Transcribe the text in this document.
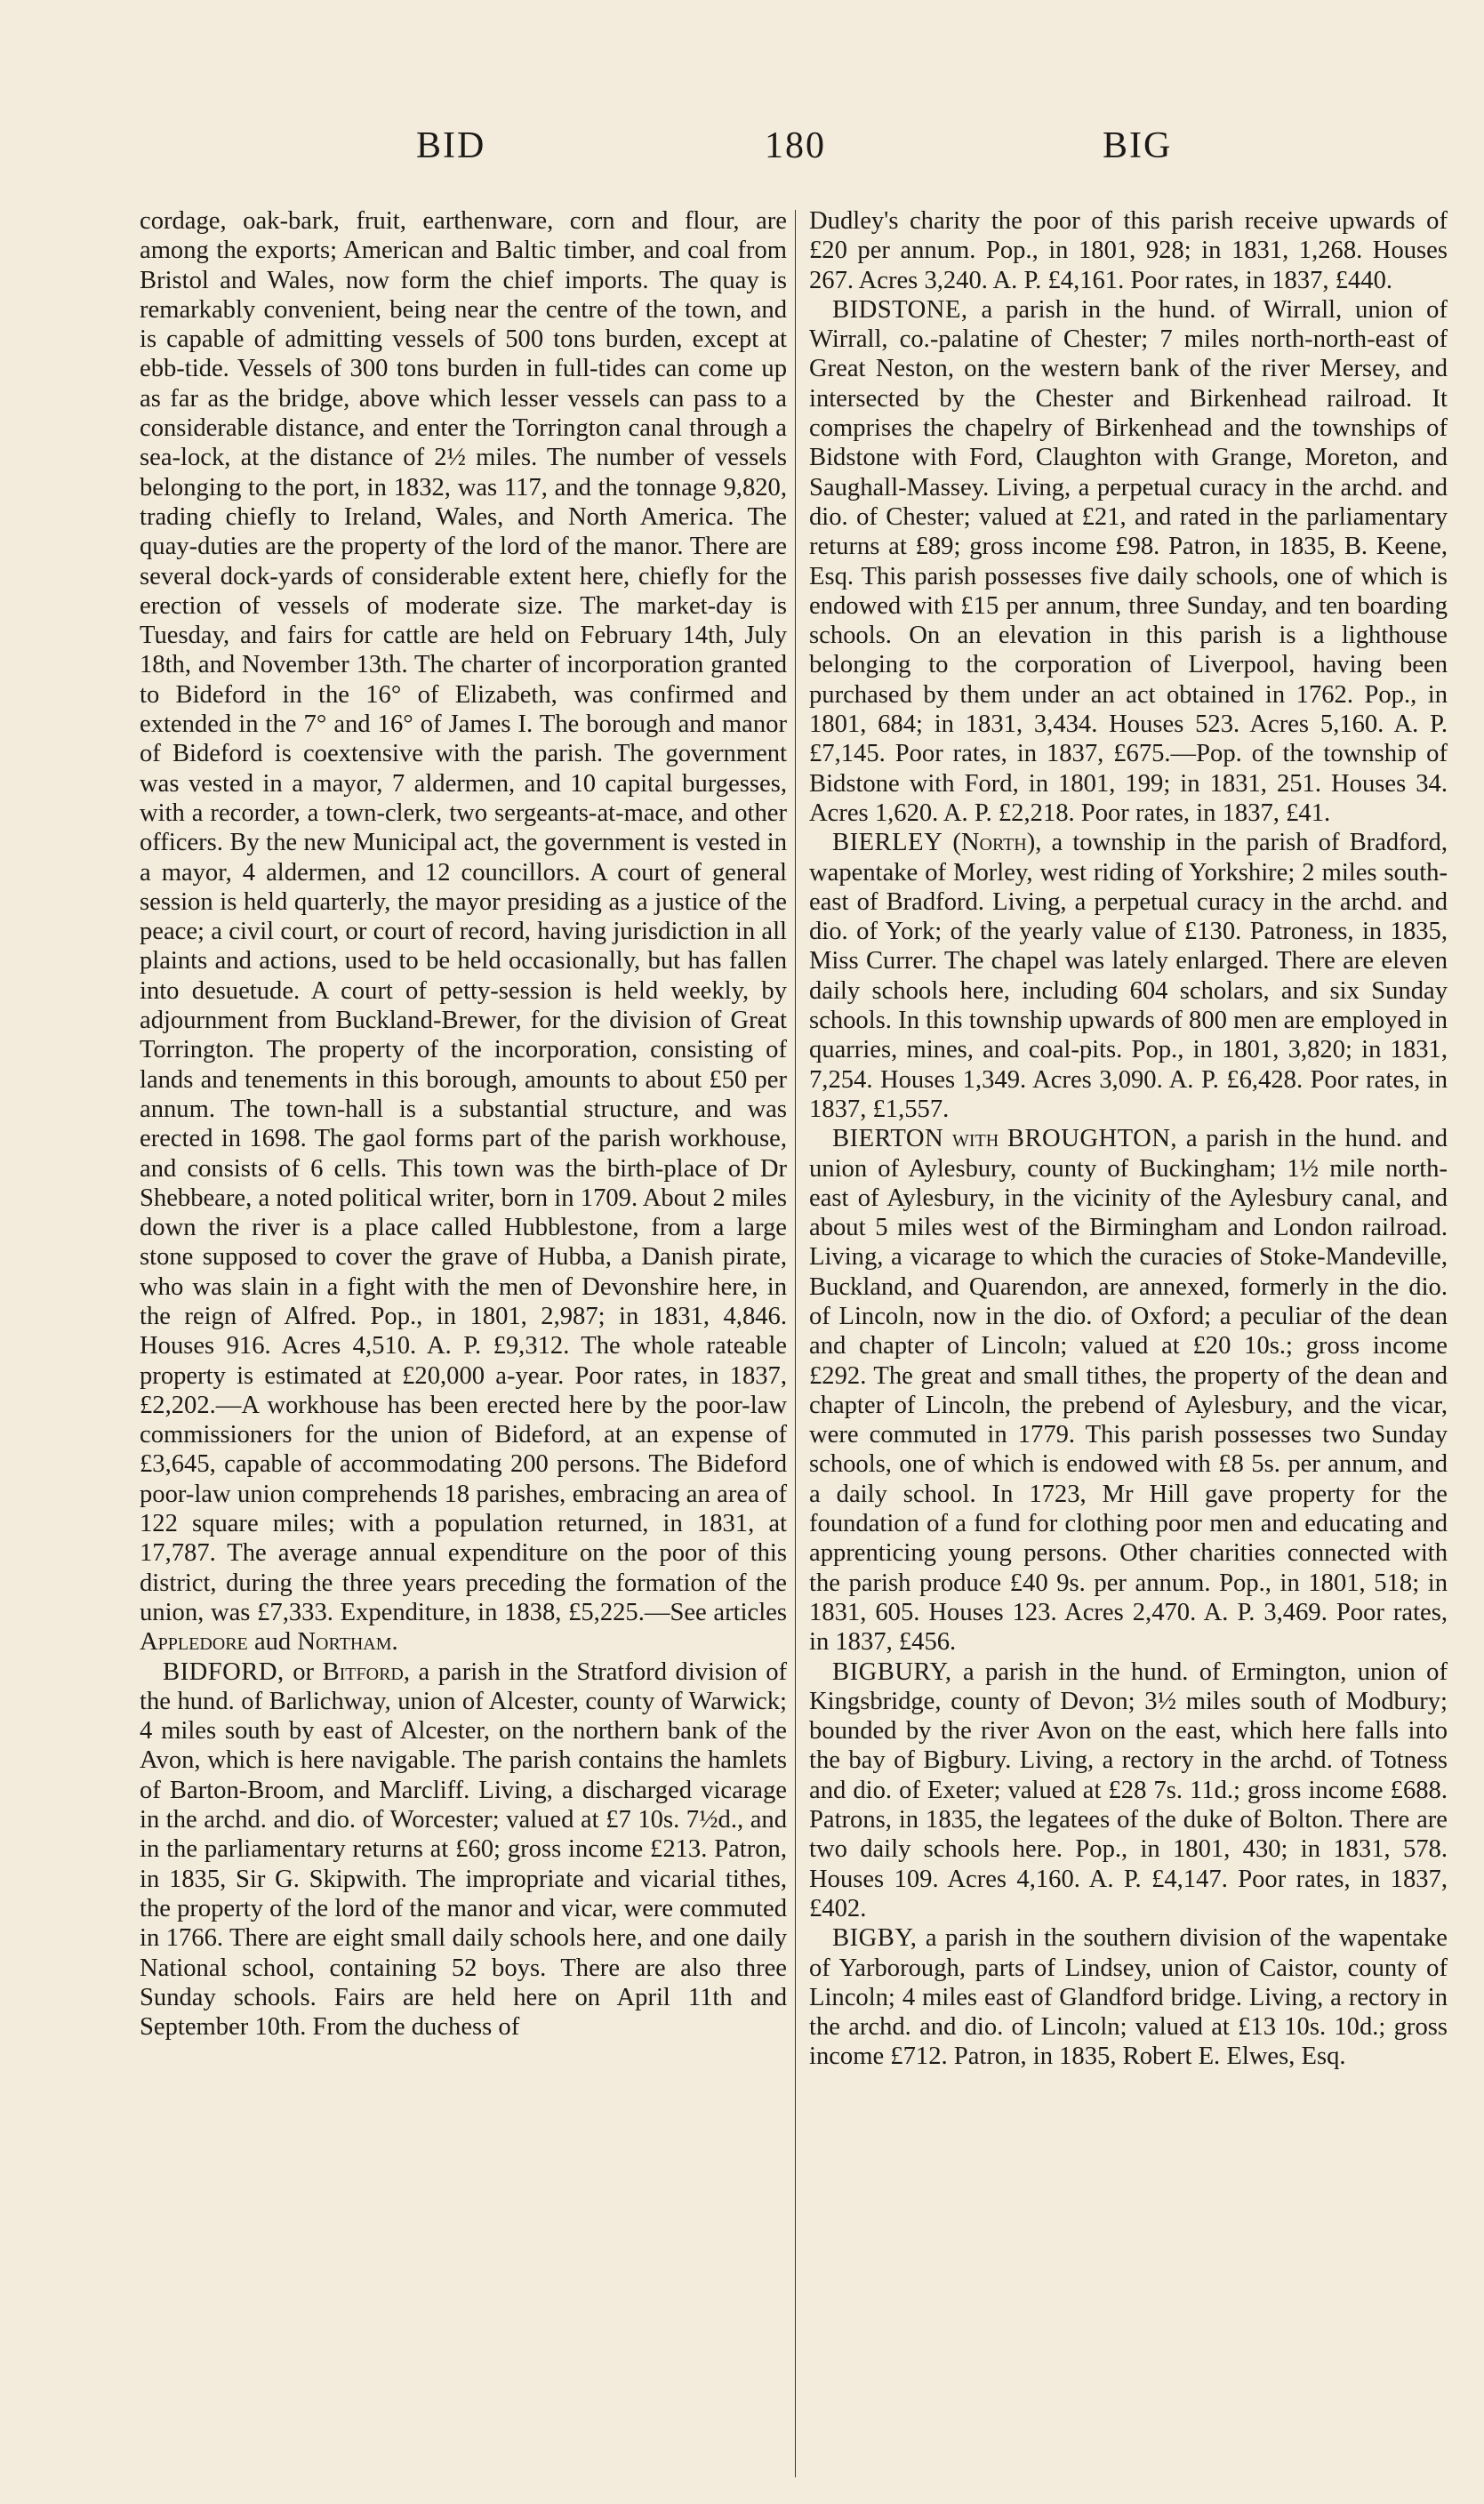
BID	180	BIG

cordage, oak-bark, fruit, earthenware, corn and flour, are among the exports; American and Baltic timber, and coal from Bristol and Wales, now form the chief imports. The quay is remarkably convenient, being near the centre of the town, and is capable of admitting vessels of 500 tons burden, except at ebb-tide. Vessels of 300 tons burden in full-tides can come up as far as the bridge, above which lesser vessels can pass to a considerable distance, and enter the Torrington canal through a sea-lock, at the distance of 2½ miles. The number of vessels belonging to the port, in 1832, was 117, and the tonnage 9,820, trading chiefly to Ireland, Wales, and North America. The quay-duties are the property of the lord of the manor. There are several dock-yards of considerable extent here, chiefly for the erection of vessels of moderate size. The market-day is Tuesday, and fairs for cattle are held on February 14th, July 18th, and November 13th. The charter of incorporation granted to Bideford in the 16° of Elizabeth, was confirmed and extended in the 7° and 16° of James I. The borough and manor of Bideford is coextensive with the parish. The government was vested in a mayor, 7 aldermen, and 10 capital burgesses, with a recorder, a town-clerk, two sergeants-at-mace, and other officers. By the new Municipal act, the government is vested in a mayor, 4 aldermen, and 12 councillors. A court of general session is held quarterly, the mayor presiding as a justice of the peace; a civil court, or court of record, having jurisdiction in all plaints and actions, used to be held occasionally, but has fallen into desuetude. A court of petty-session is held weekly, by adjournment from Buckland-Brewer, for the division of Great Torrington. The property of the incorporation, consisting of lands and tenements in this borough, amounts to about £50 per annum. The town-hall is a substantial structure, and was erected in 1698. The gaol forms part of the parish workhouse, and consists of 6 cells. This town was the birth-place of Dr Shebbeare, a noted political writer, born in 1709. About 2 miles down the river is a place called Hubblestone, from a large stone supposed to cover the grave of Hubba, a Danish pirate, who was slain in a fight with the men of Devonshire here, in the reign of Alfred. Pop., in 1801, 2,987; in 1831, 4,846. Houses 916. Acres 4,510. A. P. £9,312. The whole rateable property is estimated at £20,000 a-year. Poor rates, in 1837, £2,202.—A workhouse has been erected here by the poor-law commissioners for the union of Bideford, at an expense of £3,645, capable of accommodating 200 persons. The Bideford poor-law union comprehends 18 parishes, embracing an area of 122 square miles; with a population returned, in 1831, at 17,787. The average annual expenditure on the poor of this district, during the three years preceding the formation of the union, was £7,333. Expenditure, in 1838, £5,225.—See articles Appledore aud Northam.

BIDFORD, or Bitford, a parish in the Stratford division of the hund. of Barlichway, union of Alcester, county of Warwick; 4 miles south by east of Alcester, on the northern bank of the Avon, which is here navigable. The parish contains the hamlets of Barton-Broom, and Marcliff. Living, a discharged vicarage in the archd. and dio. of Worcester; valued at £7 10s. 7½d., and in the parliamentary returns at £60; gross income £213. Patron, in 1835, Sir G. Skipwith. The impropriate and vicarial tithes, the property of the lord of the manor and vicar, were commuted in 1766. There are eight small daily schools here, and one daily National school, containing 52 boys. There are also three Sunday schools. Fairs are held here on April 11th and September 10th. From the duchess of

Dudley's charity the poor of this parish receive upwards of £20 per annum. Pop., in 1801, 928; in 1831, 1,268. Houses 267. Acres 3,240. A. P. £4,161. Poor rates, in 1837, £440.

BIDSTONE, a parish in the hund. of Wirrall, union of Wirrall, co.-palatine of Chester; 7 miles north-north-east of Great Neston, on the western bank of the river Mersey, and intersected by the Chester and Birkenhead railroad. It comprises the chapelry of Birkenhead and the townships of Bidstone with Ford, Claughton with Grange, Moreton, and Saughall-Massey. Living, a perpetual curacy in the archd. and dio. of Chester; valued at £21, and rated in the parliamentary returns at £89; gross income £98. Patron, in 1835, B. Keene, Esq. This parish possesses five daily schools, one of which is endowed with £15 per annum, three Sunday, and ten boarding schools. On an elevation in this parish is a lighthouse belonging to the corporation of Liverpool, having been purchased by them under an act obtained in 1762. Pop., in 1801, 684; in 1831, 3,434. Houses 523. Acres 5,160. A. P. £7,145. Poor rates, in 1837, £675.—Pop. of the township of Bidstone with Ford, in 1801, 199; in 1831, 251. Houses 34. Acres 1,620. A. P. £2,218. Poor rates, in 1837, £41.

BIERLEY (North), a township in the parish of Bradford, wapentake of Morley, west riding of Yorkshire; 2 miles south-east of Bradford. Living, a perpetual curacy in the archd. and dio. of York; of the yearly value of £130. Patroness, in 1835, Miss Currer. The chapel was lately enlarged. There are eleven daily schools here, including 604 scholars, and six Sunday schools. In this township upwards of 800 men are employed in quarries, mines, and coal-pits. Pop., in 1801, 3,820; in 1831, 7,254. Houses 1,349. Acres 3,090. A. P. £6,428. Poor rates, in 1837, £1,557.

BIERTON with BROUGHTON, a parish in the hund. and union of Aylesbury, county of Buckingham; 1½ mile north-east of Aylesbury, in the vicinity of the Aylesbury canal, and about 5 miles west of the Birmingham and London railroad. Living, a vicarage to which the curacies of Stoke-Mandeville, Buckland, and Quarendon, are annexed, formerly in the dio. of Lincoln, now in the dio. of Oxford; a peculiar of the dean and chapter of Lincoln; valued at £20 10s.; gross income £292. The great and small tithes, the property of the dean and chapter of Lincoln, the prebend of Aylesbury, and the vicar, were commuted in 1779. This parish possesses two Sunday schools, one of which is endowed with £8 5s. per annum, and a daily school. In 1723, Mr Hill gave property for the foundation of a fund for clothing poor men and educating and apprenticing young persons. Other charities connected with the parish produce £40 9s. per annum. Pop., in 1801, 518; in 1831, 605. Houses 123. Acres 2,470. A. P. 3,469. Poor rates, in 1837, £456.

BIGBURY, a parish in the hund. of Ermington, union of Kingsbridge, county of Devon; 3½ miles south of Modbury; bounded by the river Avon on the east, which here falls into the bay of Bigbury. Living, a rectory in the archd. of Totness and dio. of Exeter; valued at £28 7s. 11d.; gross income £688. Patrons, in 1835, the legatees of the duke of Bolton. There are two daily schools here. Pop., in 1801, 430; in 1831, 578. Houses 109. Acres 4,160. A. P. £4,147. Poor rates, in 1837, £402.

BIGBY, a parish in the southern division of the wapentake of Yarborough, parts of Lindsey, union of Caistor, county of Lincoln; 4 miles east of Glandford bridge. Living, a rectory in the archd. and dio. of Lincoln; valued at £13 10s. 10d.; gross income £712. Patron, in 1835, Robert E. Elwes, Esq.
